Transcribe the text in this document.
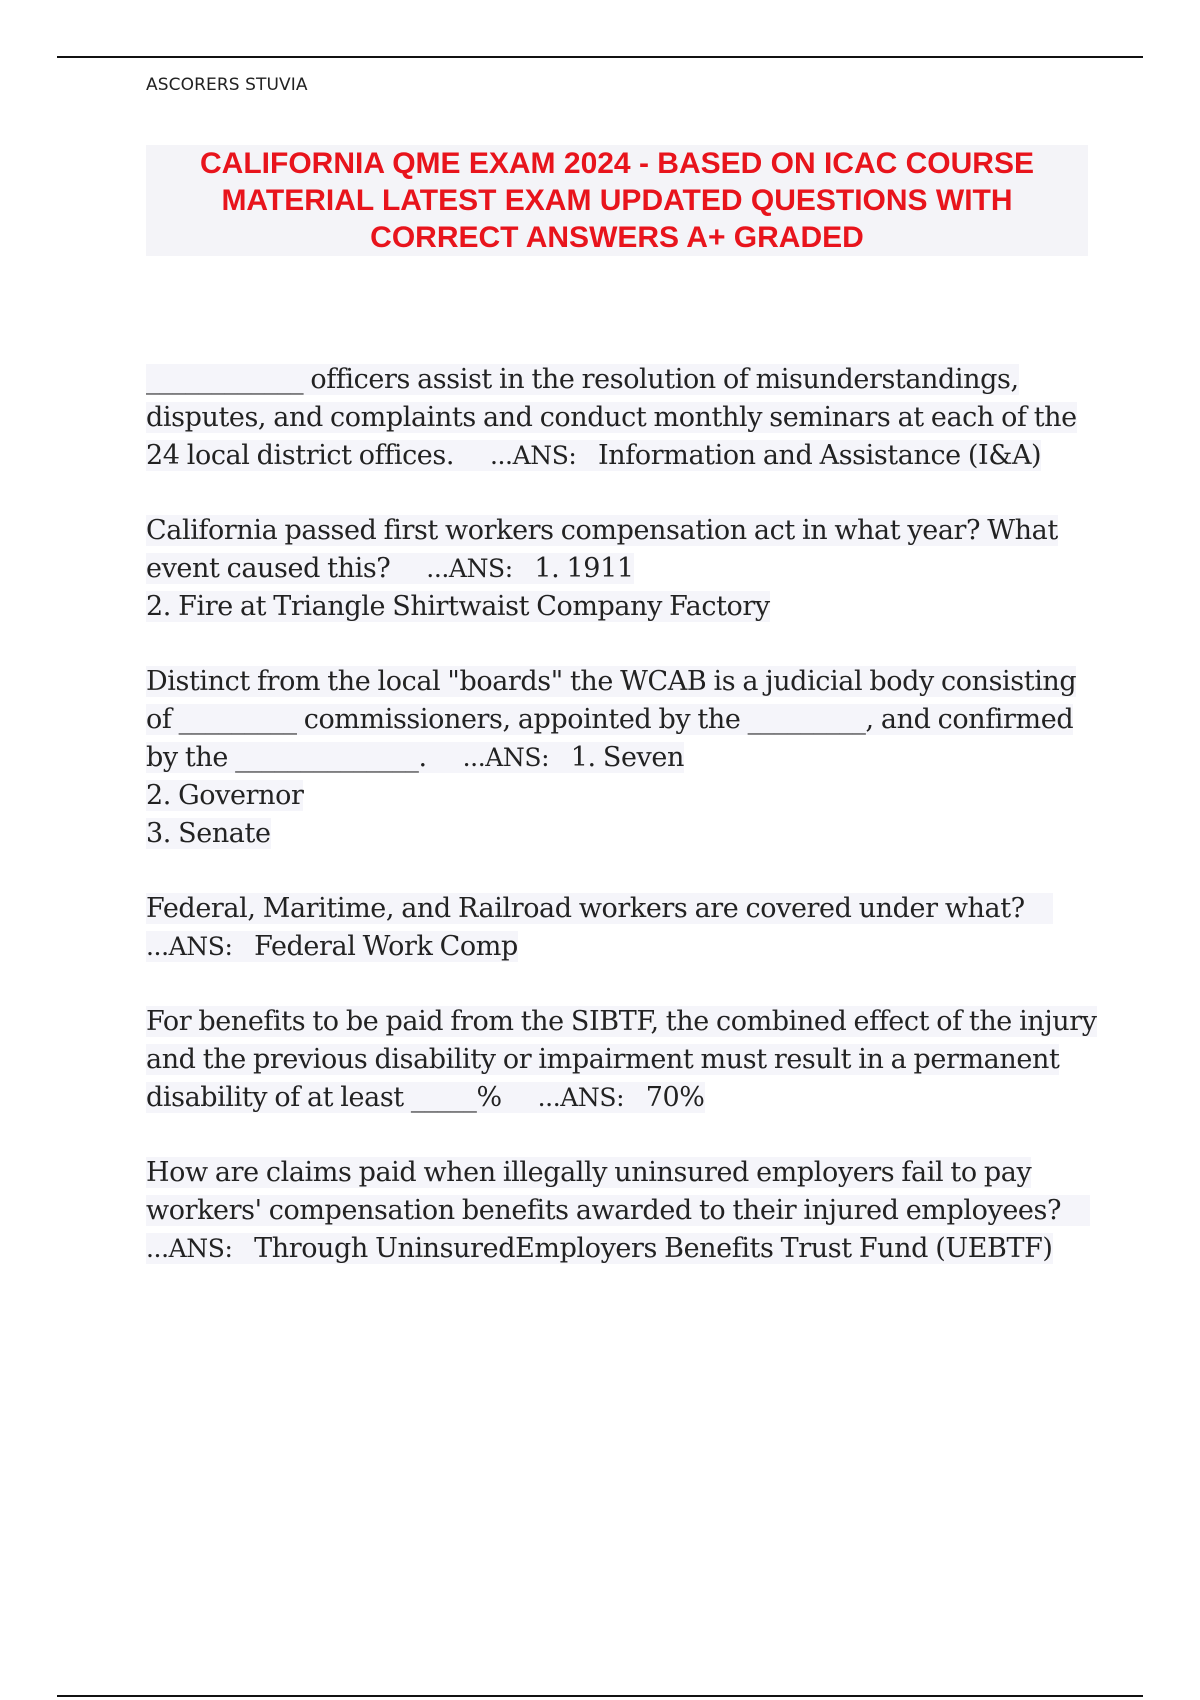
ASCORERS STUVIA

CALIFORNIA QME EXAM 2024 - BASED ON ICAC COURSE MATERIAL LATEST EXAM UPDATED QUESTIONS WITH CORRECT ANSWERS A+ GRADED

____________ officers assist in the resolution of misunderstandings, disputes, and complaints and conduct monthly seminars at each of the 24 local district offices. ...ANS: Information and Assistance (I&A)

California passed first workers compensation act in what year? What event caused this? ...ANS: 1. 1911
2. Fire at Triangle Shirtwaist Company Factory

Distinct from the local "boards" the WCAB is a judicial body consisting of _________ commissioners, appointed by the _________, and confirmed by the ______________. ...ANS: 1. Seven
2. Governor
3. Senate

Federal, Maritime, and Railroad workers are covered under what?     ...ANS: Federal Work Comp

For benefits to be paid from the SIBTF, the combined effect of the injury and the previous disability or impairment must result in a permanent disability of at least _____% ...ANS: 70%

How are claims paid when illegally uninsured employers fail to pay workers' compensation benefits awarded to their injured employees?     ...ANS: Through UninsuredEmployers Benefits Trust Fund (UEBTF)
